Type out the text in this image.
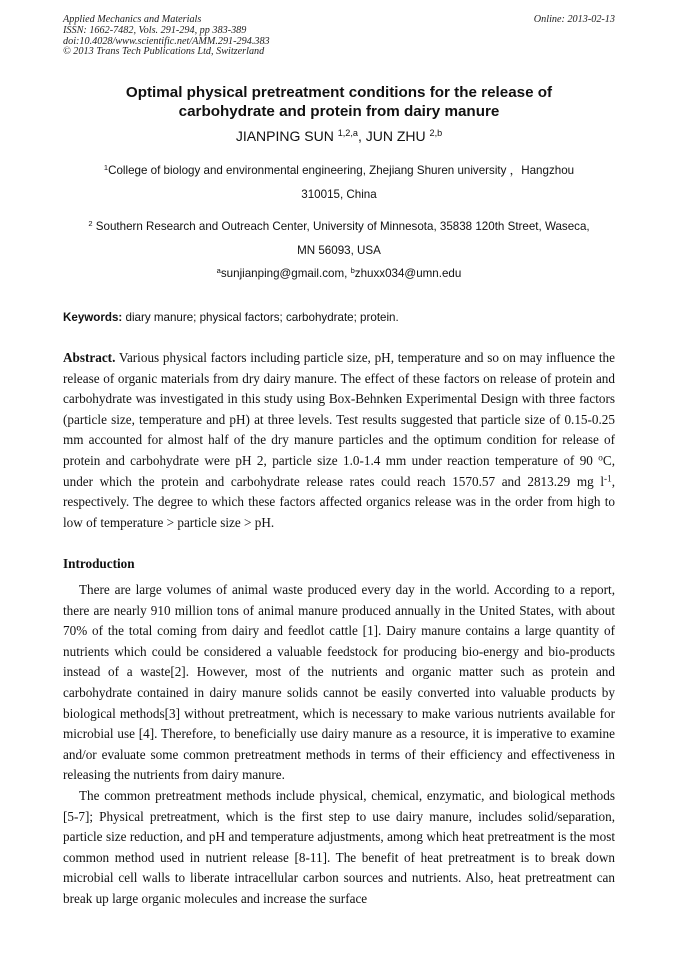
Applied Mechanics and Materials
ISSN: 1662-7482, Vols. 291-294, pp 383-389
doi:10.4028/www.scientific.net/AMM.291-294.383
© 2013 Trans Tech Publications Ltd, Switzerland
Online: 2013-02-13
Optimal physical pretreatment conditions for the release of
carbohydrate and protein from dairy manure
JIANPING SUN $^{1,2,a}$, JUN ZHU $^{2,b}$
$^1$College of biology and environmental engineering, Zhejiang Shuren university ，Hangzhou
310015, China
$^2$ Southern Research and Outreach Center, University of Minnesota, 35838 120th Street, Waseca,
MN 56093, USA
$^a$sunjianping@gmail.com, $^b$zhuxx034@umn.edu
Keywords: diary manure; physical factors; carbohydrate; protein.
Abstract. Various physical factors including particle size, pH, temperature and so on may influence the release of organic materials from dry dairy manure. The effect of these factors on release of protein and carbohydrate was investigated in this study using Box-Behnken Experimental Design with three factors (particle size, temperature and pH) at three levels. Test results suggested that particle size of 0.15-0.25 mm accounted for almost half of the dry manure particles and the optimum condition for release of protein and carbohydrate were pH 2, particle size 1.0-1.4 mm under reaction temperature of 90 $^o$C, under which the protein and carbohydrate release rates could reach 1570.57 and 2813.29 mg $l^{-1}$, respectively. The degree to which these factors affected organics release was in the order from high to low of temperature > particle size > pH.
Introduction
There are large volumes of animal waste produced every day in the world. According to a report, there are nearly 910 million tons of animal manure produced annually in the United States, with about 70% of the total coming from dairy and feedlot cattle [1]. Dairy manure contains a large quantity of nutrients which could be considered a valuable feedstock for producing bio-energy and bio-products instead of a waste[2]. However, most of the nutrients and organic matter such as protein and carbohydrate contained in dairy manure solids cannot be easily converted into valuable products by biological methods[3] without pretreatment, which is necessary to make various nutrients available for microbial use [4]. Therefore, to beneficially use dairy manure as a resource, it is imperative to examine and/or evaluate some common pretreatment methods in terms of their efficiency and effectiveness in releasing the nutrients from dairy manure.
The common pretreatment methods include physical, chemical, enzymatic, and biological methods [5-7]; Physical pretreatment, which is the first step to use dairy manure, includes solid/separation, particle size reduction, and pH and temperature adjustments, among which heat pretreatment is the most common method used in nutrient release [8-11]. The benefit of heat pretreatment is to break down microbial cell walls to liberate intracellular carbon sources and nutrients. Also, heat pretreatment can break up large organic molecules and increase the surface
